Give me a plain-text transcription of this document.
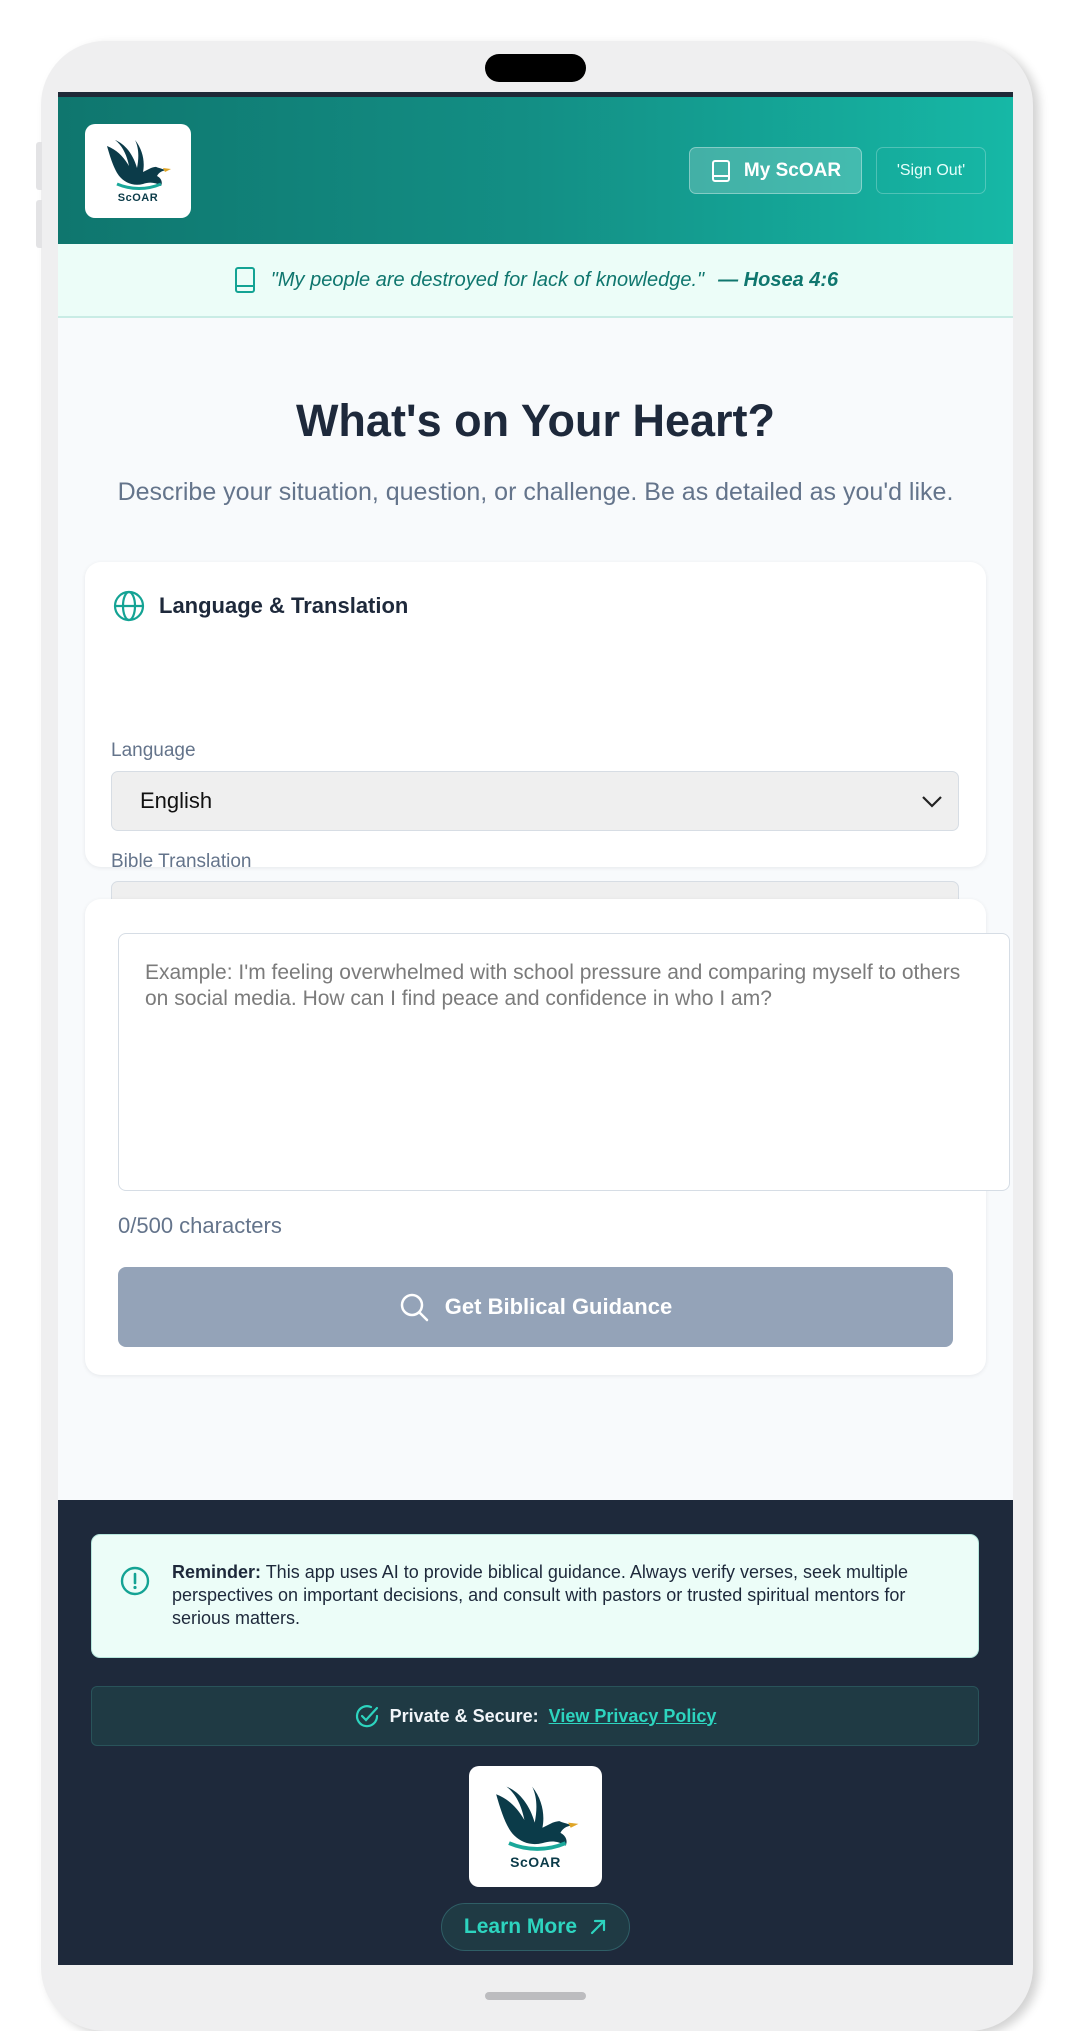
ScOAR
My ScOAR	'Sign Out'
"My people are destroyed for lack of knowledge." — Hosea 4:6
What's on Your Heart?
Describe your situation, question, or challenge. Be as detailed as you'd like.
Language & Translation
Language
English
Bible Translation
Example: I'm feeling overwhelmed with school pressure and comparing myself to others on social media. How can I find peace and confidence in who I am?
0/500 characters
Get Biblical Guidance
Reminder: This app uses AI to provide biblical guidance. Always verify verses, seek multiple perspectives on important decisions, and consult with pastors or trusted spiritual mentors for serious matters.
Private & Secure: View Privacy Policy
ScOAR
Learn More
